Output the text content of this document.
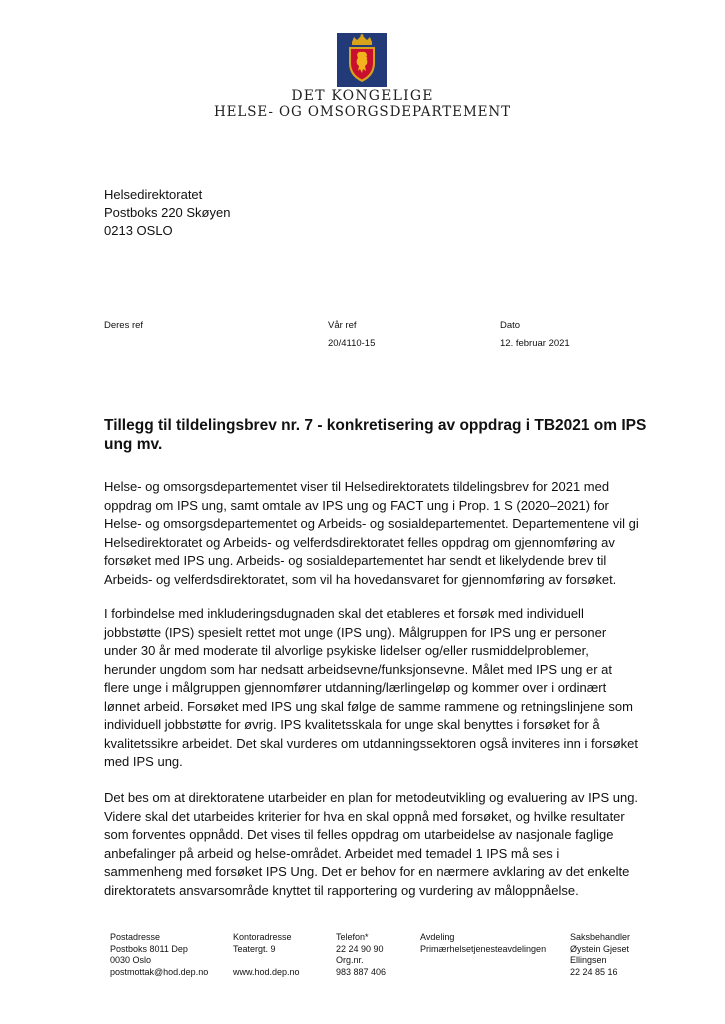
DET KONGELIGE
HELSE- OG OMSORGSDEPARTEMENT
Helsedirektoratet
Postboks 220 Skøyen
0213 OSLO
Deres ref	Vår ref
20/4110-15
Dato
12. februar 2021
Tillegg til tildelingsbrev nr. 7 - konkretisering av oppdrag i TB2021 om IPS ung mv.
Helse- og omsorgsdepartementet viser til Helsedirektoratets tildelingsbrev for 2021 med
oppdrag om IPS ung, samt omtale av IPS ung og FACT ung i Prop. 1 S (2020–2021) for
Helse- og omsorgsdepartementet og Arbeids- og sosialdepartementet. Departementene vil gi
Helsedirektoratet og Arbeids- og velferdsdirektoratet felles oppdrag om gjennomføring av
forsøket med IPS ung. Arbeids- og sosialdepartementet har sendt et likelydende brev til
Arbeids- og velferdsdirektoratet, som vil ha hovedansvaret for gjennomføring av forsøket.
I forbindelse med inkluderingsdugnaden skal det etableres et forsøk med individuell
jobbstøtte (IPS) spesielt rettet mot unge (IPS ung). Målgruppen for IPS ung er personer
under 30 år med moderate til alvorlige psykiske lidelser og/eller rusmiddelproblemer,
herunder ungdom som har nedsatt arbeidsevne/funksjonsevne. Målet med IPS ung er at
flere unge i målgruppen gjennomfører utdanning/lærlingeløp og kommer over i ordinært
lønnet arbeid. Forsøket med IPS ung skal følge de samme rammene og retningslinjene som
individuell jobbstøtte for øvrig. IPS kvalitetsskala for unge skal benyttes i forsøket for å
kvalitetssikre arbeidet. Det skal vurderes om utdanningssektoren også inviteres inn i forsøket
med IPS ung.
Det bes om at direktoratene utarbeider en plan for metodeutvikling og evaluering av IPS ung.
Videre skal det utarbeides kriterier for hva en skal oppnå med forsøket, og hvilke resultater
som forventes oppnådd. Det vises til felles oppdrag om utarbeidelse av nasjonale faglige
anbefalinger på arbeid og helse-området. Arbeidet med temadel 1 IPS må ses i
sammenheng med forsøket IPS Ung. Det er behov for en nærmere avklaring av det enkelte
direktoratets ansvarsområde knyttet til rapportering og vurdering av måloppnåelse.
Postadresse
Postboks 8011 Dep
0030 Oslo
postmottak@hod.dep.no
Kontoradresse
Teatergt. 9
www.hod.dep.no
Telefon*
22 24 90 90
Org.nr.
983 887 406
Avdeling
Primærhelsetjenesteavdelingen
Saksbehandler
Øystein Gjeset
Ellingsen
22 24 85 16
